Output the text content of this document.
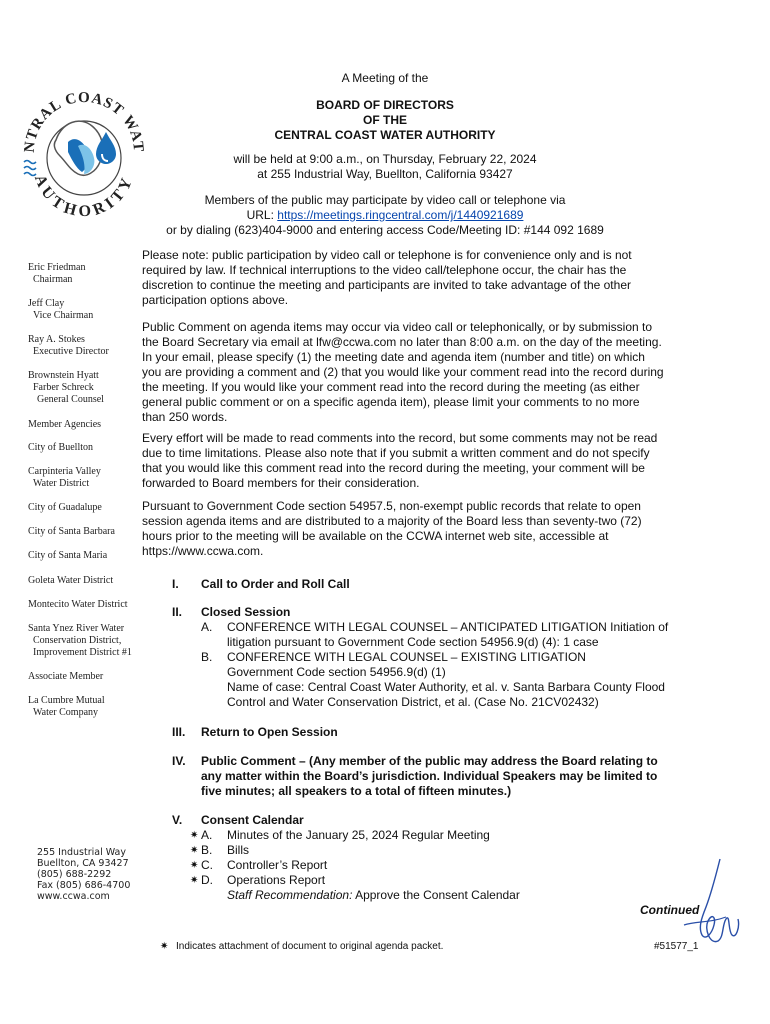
NTRAL COAST WA
AUTHORITY
A Meeting of the
BOARD OF DIRECTORS
OF THE
CENTRAL COAST WATER AUTHORITY
will be held at 9:00 a.m., on Thursday, February 22, 2024
at 255 Industrial Way, Buellton, California 93427
Members of the public may participate by video call or telephone via
URL: https://meetings.ringcentral.com/j/1440921689
or by dialing (623)404-9000 and entering access Code/Meeting ID: #144 092 1689
Eric Friedman
Chairman
Jeff Clay
Vice Chairman
Ray A. Stokes
Executive Director
Brownstein Hyatt
Farber Schreck
General Counsel
Member Agencies
City of Buellton
Carpinteria Valley
Water District
City of Guadalupe
City of Santa Barbara
City of Santa Maria
Goleta Water District
Montecito Water District
Santa Ynez River Water
Conservation District,
Improvement District #1
Associate Member
La Cumbre Mutual
Water Company
255 Industrial Way
Buellton, CA 93427
(805) 688-2292
Fax (805) 686-4700
www.ccwa.com
Please note: public participation by video call or telephone is for convenience only and is not
required by law. If technical interruptions to the video call/telephone occur, the chair has the
discretion to continue the meeting and participants are invited to take advantage of the other
participation options above.
Public Comment on agenda items may occur via video call or telephonically, or by submission to
the Board Secretary via email at lfw@ccwa.com no later than 8:00 a.m. on the day of the meeting.
In your email, please specify (1) the meeting date and agenda item (number and title) on which
you are providing a comment and (2) that you would like your comment read into the record during
the meeting. If you would like your comment read into the record during the meeting (as either
general public comment or on a specific agenda item), please limit your comments to no more
than 250 words.
Every effort will be made to read comments into the record, but some comments may not be read
due to time limitations. Please also note that if you submit a written comment and do not specify
that you would like this comment read into the record during the meeting, your comment will be
forwarded to Board members for their consideration.
Pursuant to Government Code section 54957.5, non-exempt public records that relate to open
session agenda items and are distributed to a majority of the Board less than seventy-two (72)
hours prior to the meeting will be available on the CCWA internet web site, accessible at
https://www.ccwa.com.
I. Call to Order and Roll Call
II. Closed Session
A. CONFERENCE WITH LEGAL COUNSEL – ANTICIPATED LITIGATION Initiation of
litigation pursuant to Government Code section 54956.9(d) (4): 1 case
B. CONFERENCE WITH LEGAL COUNSEL – EXISTING LITIGATION
Government Code section 54956.9(d) (1)
Name of case: Central Coast Water Authority, et al. v. Santa Barbara County Flood
Control and Water Conservation District, et al. (Case No. 21CV02432)
III. Return to Open Session
IV. Public Comment – (Any member of the public may address the Board relating to
any matter within the Board’s jurisdiction. Individual Speakers may be limited to
five minutes; all speakers to a total of fifteen minutes.)
V. Consent Calendar
✷ A. Minutes of the January 25, 2024 Regular Meeting
✷ B. Bills
✷ C. Controller’s Report
✷ D. Operations Report
Staff Recommendation: Approve the Consent Calendar
Continued
✷ Indicates attachment of document to original agenda packet.	#51577_1
